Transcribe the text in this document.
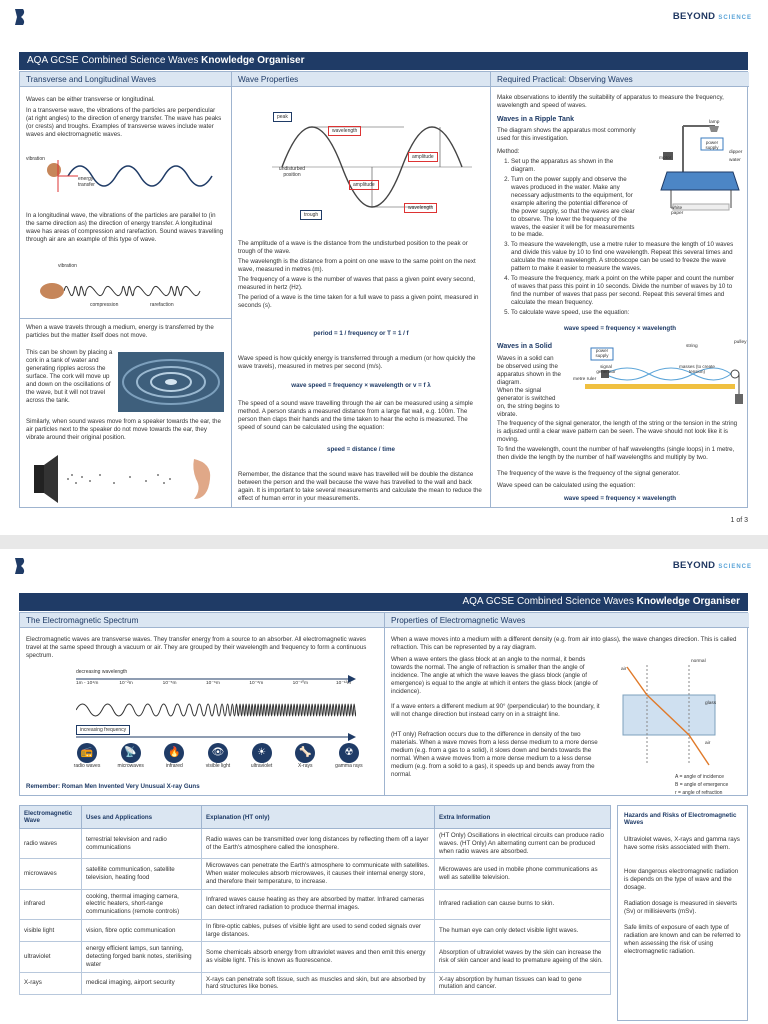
BEYOND SCIENCE
AQA GCSE Combined Science Waves Knowledge Organiser
Transverse and Longitudinal Waves
Waves can be either transverse or longitudinal.
In a transverse wave, the vibrations of the particles are perpendicular (at right angles) to the direction of energy transfer. The wave has peaks (or crests) and troughs. Examples of transverse waves include water waves and electromagnetic waves.
vibration
energy transfer
In a longitudinal wave, the vibrations of the particles are parallel to (in the same direction as) the direction of energy transfer. A longitudinal wave has areas of compression and rarefaction. Sound waves travelling through air are an example of this type of wave.
vibration
compression	rarefaction
When a wave travels through a medium, energy is transferred by the particles but the matter itself does not move.
This can be shown by placing a cork in a tank of water and generating ripples across the surface. The cork will move up and down on the oscillations of the wave, but it will not travel across the tank.
Similarly, when sound waves move from a speaker towards the ear, the air particles next to the speaker do not move towards the ear, they vibrate around their original position.
Wave Properties
peak
wavelength
amplitude
undisturbed position
amplitude
trough
wavelength
The amplitude of a wave is the distance from the undisturbed position to the peak or trough of the wave.
The wavelength is the distance from a point on one wave to the same point on the next wave, measured in metres (m).
The frequency of a wave is the number of waves that pass a given point every second, measured in hertz (Hz).
The period of a wave is the time taken for a full wave to pass a given point, measured in seconds (s).
period = 1 / frequency or T = 1 / f
Wave speed is how quickly energy is transferred through a medium (or how quickly the wave travels), measured in metres per second (m/s).
wave speed = frequency × wavelength or v = f λ
The speed of a sound wave travelling through the air can be measured using a simple method. A person stands a measured distance from a large flat wall, e.g. 100m. The person then claps their hands and the time taken to hear the echo is measured. The speed of sound can be calculated using the equation:
speed = distance / time
Remember, the distance that the sound wave has travelled will be double the distance between the person and the wall because the wave has travelled to the wall and back again. It is important to take several measurements and calculate the mean to reduce the effect of human error in your measurements.
Required Practical: Observing Waves
Make observations to identify the suitability of apparatus to measure the frequency, wavelength and speed of waves.
Waves in a Ripple Tank
The diagram shows the apparatus most commonly used for this investigation.
Method:
1. Set up the apparatus as shown in the diagram.
2. Turn on the power supply and observe the waves produced in the water. Make any necessary adjustments to the equipment, for example altering the potential difference of the power supply, so that the waves are clear to observe. The lower the frequency of the waves, the easier it will be for measurements to be made.
3. To measure the wavelength, use a metre ruler to measure the length of 10 waves and divide this value by 10 to find one wavelength. Repeat this several times and calculate the mean wavelength. A stroboscope can be used to freeze the wave pattern to make it easier to measure the waves.
4. To measure the frequency, mark a point on the white paper and count the number of waves that pass this point in 10 seconds. Divide the number of waves by 10 to find the number of waves that pass per second. Repeat this several times and calculate the mean frequency.
5. To calculate wave speed, use the equation:
lamp
power supply
motor
dipper
water
white paper
wave speed = frequency × wavelength
Waves in a Solid
Waves in a solid can be observed using the apparatus shown in the diagram.
When the signal generator is switched on, the string begins to vibrate.
power supply
string
pulley
signal generator
masses (to create tension)
metre ruler
The frequency of the signal generator, the length of the string or the tension in the string is adjusted until a clear wave pattern can be seen. The wave should not look like it is moving.
To find the wavelength, count the number of half wavelengths (single loops) in 1 metre, then divide the length by the number of half wavelengths and multiply by two.
The frequency of the wave is the frequency of the signal generator.
Wave speed can be calculated using the equation:
wave speed = frequency × wavelength
1 of 3
BEYOND SCIENCE
AQA GCSE Combined Science Waves Knowledge Organiser
The Electromagnetic Spectrum
Electromagnetic waves are transverse waves. They transfer energy from a source to an absorber. All electromagnetic waves travel at the same speed through a vacuum or air. They are grouped by their wavelength and frequency to form a continuous spectrum.
decreasing wavelength
1m - 10⁴m	10⁻²m	10⁻⁵m	10⁻⁶m	10⁻⁸m	10⁻¹⁰m	10⁻¹²m
increasing frequency
📻
radio waves
📡
microwaves
🔥
infrared
👁
visible light
☀
ultraviolet
🦴
X-rays
☢
gamma rays
Remember: Roman Men Invented Very Unusual X-ray Guns
Properties of Electromagnetic Waves
When a wave moves into a medium with a different density (e.g. from air into glass), the wave changes direction. This is called refraction. This can be represented by a ray diagram.
When a wave enters the glass block at an angle to the normal, it bends towards the normal. The angle of refraction is smaller than the angle of incidence. The angle at which the wave leaves the glass block (angle of emergence) is equal to the angle at which it enters the glass block (angle of incidence).
If a wave enters a different medium at 90° (perpendicular) to the boundary, it will not change direction but instead carry on in a straight line.
(HT only) Refraction occurs due to the difference in density of the two materials. When a wave moves from a less dense medium to a more dense medium (e.g. from a gas to a solid), it slows down and bends towards the normal. When a wave moves from a more dense medium to a less dense medium (e.g. from a solid to a gas), it speeds up and bends away from the normal.
air
glass
air
normal
A = angle of incidence
B = angle of emergence
r = angle of refraction
Electromagnetic Wave	Uses and Applications	Explanation (HT only)	Extra Information
radio waves	terrestrial television and radio communications	Radio waves can be transmitted over long distances by reflecting them off a layer of the Earth's atmosphere called the ionosphere.	(HT Only) Oscillations in electrical circuits can produce radio waves. (HT Only) An alternating current can be produced when radio waves are absorbed.
microwaves	satellite communication, satellite television, heating food	Microwaves can penetrate the Earth's atmosphere to communicate with satellites. When water molecules absorb microwaves, it causes their internal energy store, and therefore their temperature, to increase.	Microwaves are used in mobile phone communications as well as satellite television.
infrared	cooking, thermal imaging camera, electric heaters, short-range communications (remote controls)	Infrared waves cause heating as they are absorbed by matter. Infrared cameras can detect infrared radiation to produce thermal images.	Infrared radiation can cause burns to skin.
visible light	vision, fibre optic communication	In fibre-optic cables, pulses of visible light are used to send coded signals over large distances.	The human eye can only detect visible light waves.
ultraviolet	energy efficient lamps, sun tanning, detecting forged bank notes, sterilising water	Some chemicals absorb energy from ultraviolet waves and then emit this energy as visible light. This is known as fluorescence.	Absorption of ultraviolet waves by the skin can increase the risk of skin cancer and lead to premature ageing of the skin.
X-rays	medical imaging, airport security	X-rays can penetrate soft tissue, such as muscles and skin, but are absorbed by hard structures like bones.	X-ray absorption by human tissues can lead to gene mutation and cancer.
Hazards and Risks of Electromagnetic Waves
Ultraviolet waves, X-rays and gamma rays have some risks associated with them.
How dangerous electromagnetic radiation is depends on the type of wave and the dosage.
Radiation dosage is measured in sieverts (Sv) or millisieverts (mSv).
Safe limits of exposure of each type of radiation are known and can be referred to when assessing the risk of using electromagnetic radiation.
